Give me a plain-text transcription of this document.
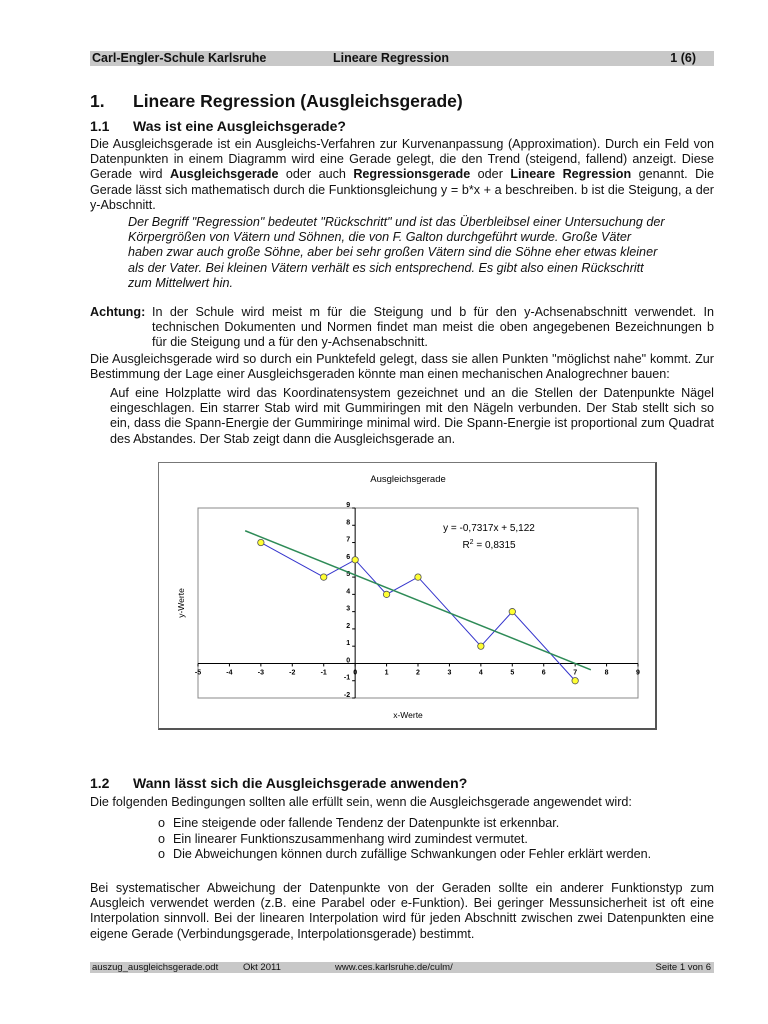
Carl-Engler-Schule Karlsruhe	Lineare Regression	1 (6)
1. Lineare Regression (Ausgleichsgerade)
1.1 Was ist eine Ausgleichsgerade?
Die Ausgleichsgerade ist ein Ausgleichs-Verfahren zur Kurvenanpassung (Approximation). Durch ein Feld von Datenpunkten in einem Diagramm wird eine Gerade gelegt, die den Trend (steigend, fallend) anzeigt. Diese Gerade wird Ausgleichsgerade oder auch Regressionsgerade oder Lineare Regression genannt. Die Gerade lässt sich mathematisch durch die Funktionsgleichung y = b*x + a beschreiben. b ist die Steigung, a der y-Abschnitt.
Der Begriff "Regression" bedeutet "Rückschritt" und ist das Überbleibsel einer Untersuchung der Körpergrößen von Vätern und Söhnen, die von F. Galton durchgeführt wurde. Große Väter haben zwar auch große Söhne, aber bei sehr großen Vätern sind die Söhne eher etwas kleiner als der Vater. Bei kleinen Vätern verhält es sich entsprechend. Es gibt also einen Rückschritt zum Mittelwert hin.
Achtung: In der Schule wird meist m für die Steigung und b für den y-Achsenabschnitt verwendet. In technischen Dokumenten und Normen findet man meist die oben angegebenen Bezeichnungen b für die Steigung und a für den y-Achsenabschnitt.
Die Ausgleichsgerade wird so durch ein Punktefeld gelegt, dass sie allen Punkten "möglichst nahe" kommt. Zur Bestimmung der Lage einer Ausgleichsgeraden könnte man einen mechanischen Analogrechner bauen:
Auf eine Holzplatte wird das Koordinatensystem gezeichnet und an die Stellen der Datenpunkte Nägel eingeschlagen. Ein starrer Stab wird mit Gummiringen mit den Nägeln verbunden. Der Stab stellt sich so ein, dass die Spann-Energie der Gummiringe minimal wird. Die Spann-Energie ist proportional zum Quadrat des Abstandes. Der Stab zeigt dann die Ausgleichsgerade an.
Ausgleichsgerade
-5	-4	-3	-2	-1	0	1	2	3	4	5	6	7	8	9
-2
-1
0
1
2
3
4
5
6
7
8
9
y = -0,7317x + 5,122
$R^2 = 0,8315$
x-Werte
y-Werte
1.2 Wann lässt sich die Ausgleichsgerade anwenden?
Die folgenden Bedingungen sollten alle erfüllt sein, wenn die Ausgleichsgerade angewendet wird:
o Eine steigende oder fallende Tendenz der Datenpunkte ist erkennbar.
o Ein linearer Funktionszusammenhang wird zumindest vermutet.
o Die Abweichungen können durch zufällige Schwankungen oder Fehler erklärt werden.
Bei systematischer Abweichung der Datenpunkte von der Geraden sollte ein anderer Funktionstyp zum Ausgleich verwendet werden (z.B. eine Parabel oder e-Funktion). Bei geringer Messunsicherheit ist oft eine Interpolation sinnvoll. Bei der linearen Interpolation wird für jeden Abschnitt zwischen zwei Datenpunkten eine eigene Gerade (Verbindungsgerade, Interpolationsgerade) bestimmt.
auszug_ausgleichsgerade.odt	Okt 2011	www.ces.karlsruhe.de/culm/	Seite 1 von 6
